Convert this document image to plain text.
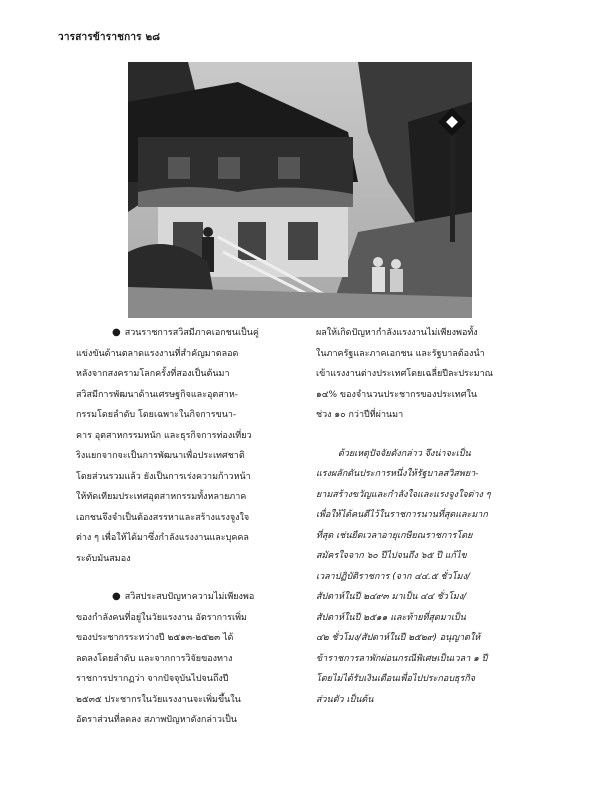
วารสารข้าราชการ ๒๘
● สวนราชการสวิสมีภาคเอกชนเป็นคู่
แข่งขันด้านตลาดแรงงานที่สำคัญมาตลอด
หลังจากสงครามโลกครั้งที่สองเป็นต้นมา
สวิสมีการพัฒนาด้านเศรษฐกิจและอุตสาห-
กรรมโดยลำดับ โดยเฉพาะในกิจการขนา-
คาร อุตสาหกรรมหนัก และธุรกิจการท่องเที่ยว
ริงแยกจากจะเป็นการพัฒนาเพื่อประเทศชาติ
โดยส่วนรวมแล้ว ยังเป็นการเร่งความก้าวหน้า
ให้ทัดเทียมประเทศอุตสาหกรรมทั้งหลายภาค
เอกชนจึงจำเป็นต้องสรรหาและสร้างแรงจูงใจ
ต่าง ๆ เพื่อให้ได้มาซึ่งกำลังแรงงานและบุคคล
ระดับมันสมอง
● สวิสประสบปัญหาความไม่เพียงพอ
ของกำลังคนที่อยู่ในวัยแรงงาน อัตราการเพิ่ม
ของประชากรระหว่างปี ๒๕๑๓-๒๕๒๓ ได้
ลดลงโดยลำดับ และจากการวิจัยของทาง
ราชการปรากฏว่า จากปัจจุบันไปจนถึงปี
๒๕๓๕ ประชากรในวัยแรงงานจะเพิ่มขึ้นใน
อัตราส่วนที่ลดลง สภาพปัญหาดังกล่าวเป็น
ผลให้เกิดปัญหากำลังแรงงานไม่เพียงพอทั้ง
ในภาครัฐและภาคเอกชน และรัฐบาลต้องนำ
เข้าแรงงานต่างประเทศโดยเฉลี่ยปีละประมาณ
๑๔% ของจำนวนประชากรของประเทศใน
ช่วง ๑๐ กว่าปีที่ผ่านมา
ด้วยเหตุปัจจัยดังกล่าว จึงน่าจะเป็น
แรงผลักดันประการหนึ่งให้รัฐบาลสวิสพยา-
ยามสร้างขวัญและกำลังใจและแรงจูงใจต่าง ๆ
เพื่อให้ได้คนดีไว้ในราชการนานที่สุดและมาก
ที่สุด เช่นยืดเวลาอายุเกษียณราชการโดย
สมัครใจจาก ๖๐ ปีไปจนถึง ๖๕ ปี แก้ไข
เวลาปฏิบัติราชการ (จาก ๔๔.๕ ชั่วโมง/
สัปดาห์ในปี ๒๔๙๓ มาเป็น ๔๔ ชั่วโมง/
สัปดาห์ในปี ๒๕๑๑ และท้ายที่สุดมาเป็น
๔๒ ชั่วโมง/สัปดาห์ในปี ๒๕๒๙) อนุญาตให้
ข้าราชการลาพักผ่อนกรณีพิเศษเป็นเวลา ๑ ปี
โดยไม่ได้รับเงินเดือนเพื่อไปประกอบธุรกิจ
ส่วนตัว เป็นต้น
